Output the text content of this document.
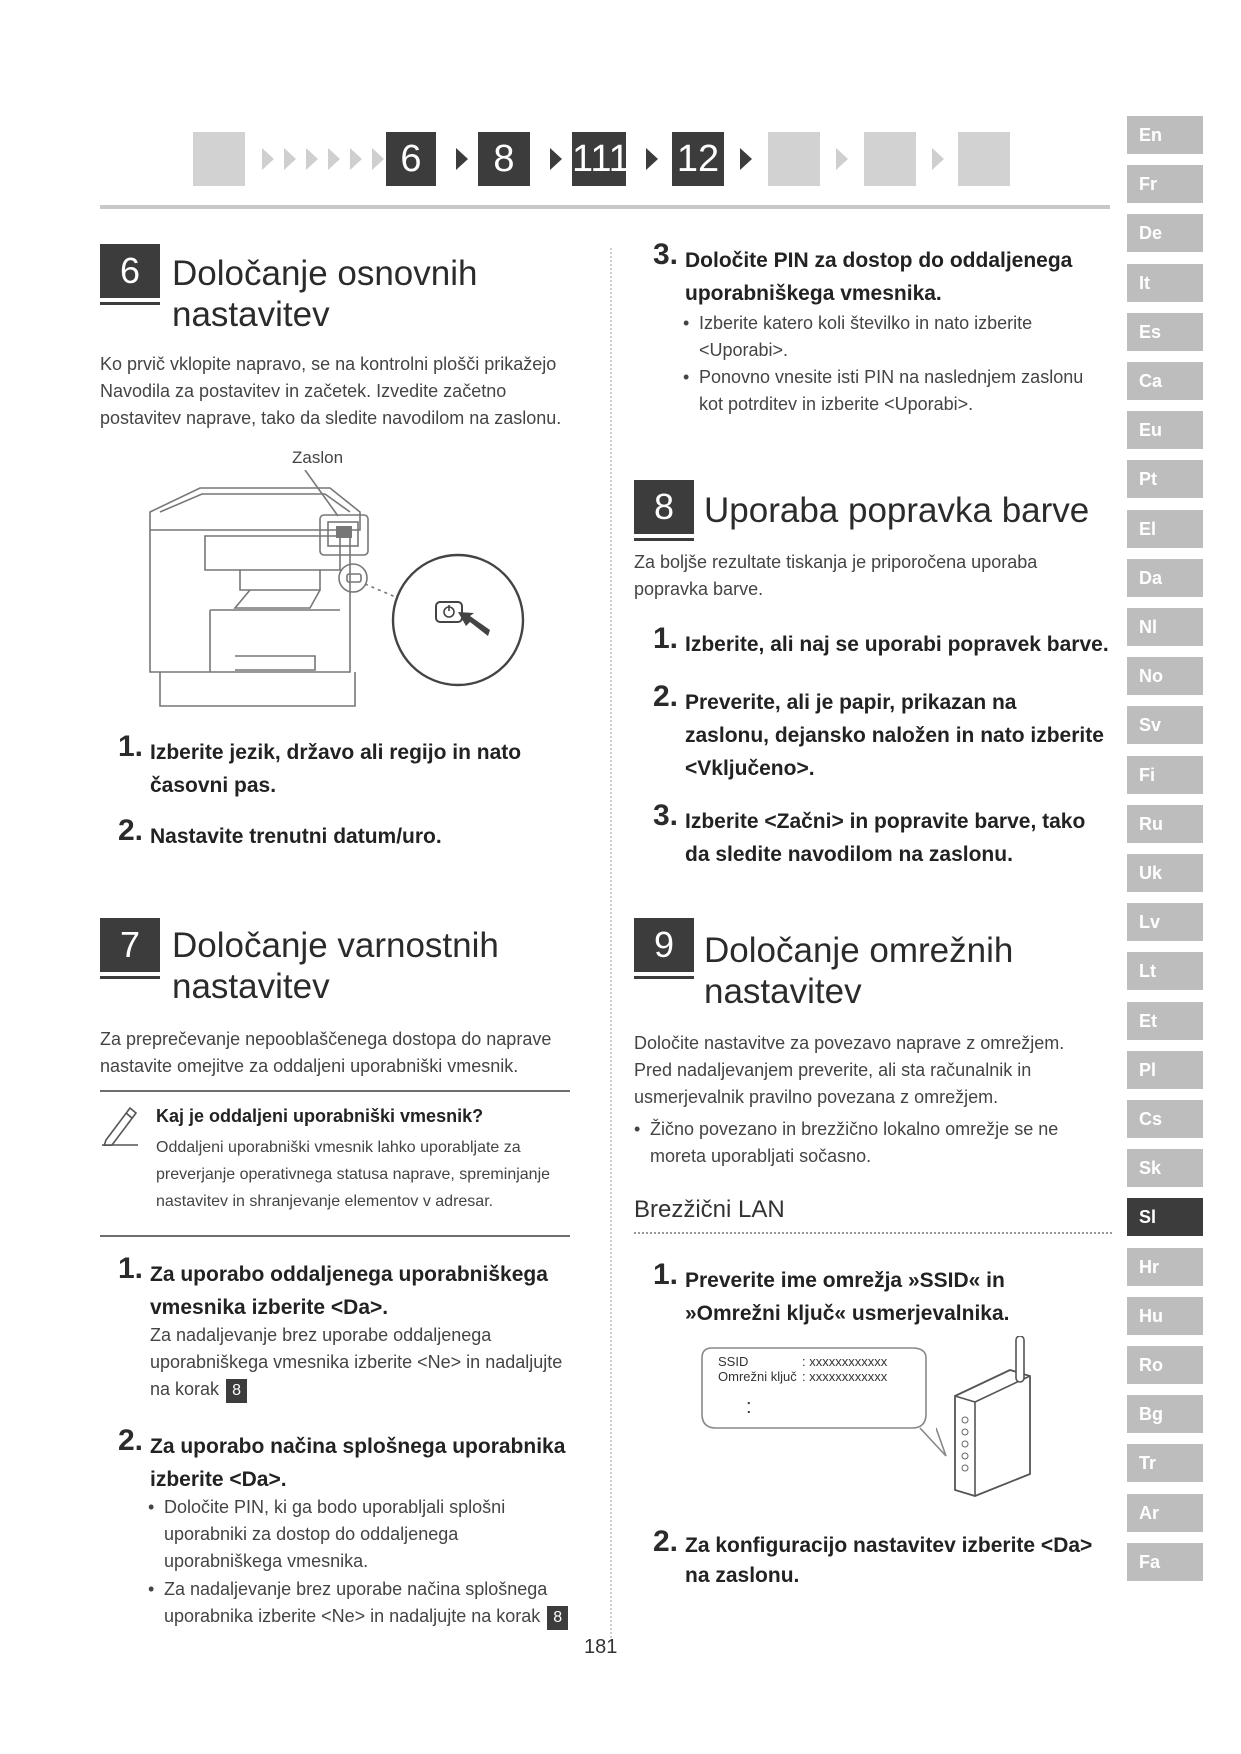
6	8	111 12
En
Fr
De
It
Es
Ca
Eu
Pt
El
Da
Nl
No
Sv
Fi
Ru
Uk
Lv
Lt
Et
Pl
Cs
Sk
Sl
Hr
Hu
Ro
Bg
Tr
Ar
Fa
6 Določanje osnovnih
nastavitev
Ko prvič vklopite napravo, se na kontrolni plošči prikažejo Navodila za postavitev in začetek. Izvedite začetno postavitev naprave, tako da sledite navodilom na zaslonu.
Zaslon
1. Izberite jezik, državo ali regijo in nato časovni pas.
2. Nastavite trenutni datum/uro.
7 Določanje varnostnih
nastavitev
Za preprečevanje nepooblaščenega dostopa do naprave nastavite omejitve za oddaljeni uporabniški vmesnik.
Kaj je oddaljeni uporabniški vmesnik?
Oddaljeni uporabniški vmesnik lahko uporabljate za preverjanje operativnega statusa naprave, spreminjanje nastavitev in shranjevanje elementov v adresar.
1. Za uporabo oddaljenega uporabniškega vmesnika izberite <Da>.
Za nadaljevanje brez uporabe oddaljenega uporabniškega vmesnika izberite <Ne> in nadaljujte na korak 8
2. Za uporabo načina splošnega uporabnika izberite <Da>.
• Določite PIN, ki ga bodo uporabljali splošni uporabniki za dostop do oddaljenega uporabniškega vmesnika.
• Za nadaljevanje brez uporabe načina splošnega uporabnika izberite <Ne> in nadaljujte na korak 8
3. Določite PIN za dostop do oddaljenega uporabniškega vmesnika.
• Izberite katero koli številko in nato izberite <Uporabi>.
• Ponovno vnesite isti PIN na naslednjem zaslonu kot potrditev in izberite <Uporabi>.
8 Uporaba popravka barve
Za boljše rezultate tiskanja je priporočena uporaba popravka barve.
1. Izberite, ali naj se uporabi popravek barve.
2. Preverite, ali je papir, prikazan na zaslonu, dejansko naložen in nato izberite <Vključeno>.
3. Izberite <Začni> in popravite barve, tako da sledite navodilom na zaslonu.
9 Določanje omrežnih
nastavitev
Določite nastavitve za povezavo naprave z omrežjem. Pred nadaljevanjem preverite, ali sta računalnik in usmerjevalnik pravilno povezana z omrežjem.
• Žično povezano in brezžično lokalno omrežje se ne moreta uporabljati sočasno.
Brezžični LAN
1. Preverite ime omrežja »SSID« in »Omrežni ključ« usmerjevalnika.
SSID	: xxxxxxxxxxxx
Omrežni ključ : xxxxxxxxxxxx
:
2. Za konfiguracijo nastavitev izberite <Da> na zaslonu.
181
